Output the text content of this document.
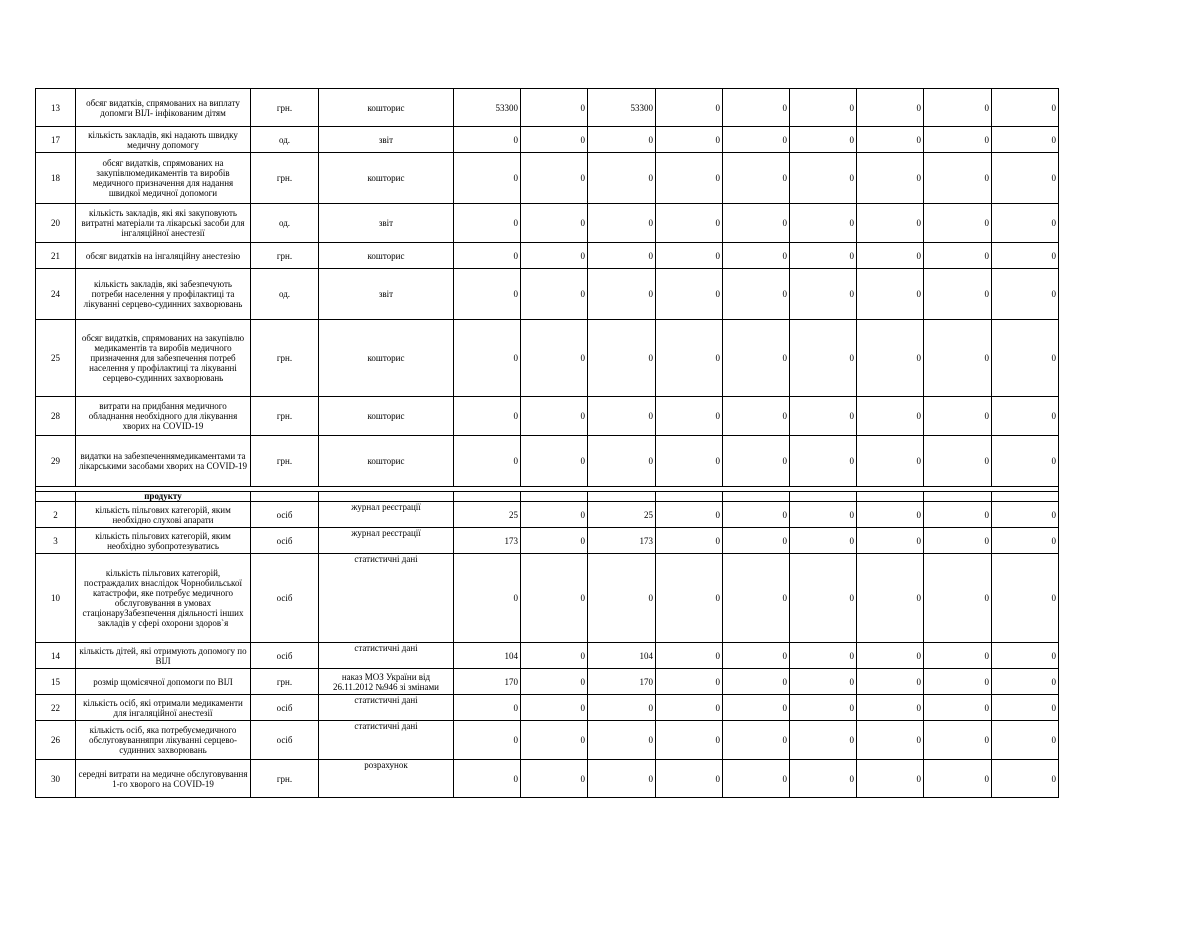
13	обсяг видатків, спрямованих на виплату допомги ВІЛ- інфікованим дітям	грн.	кошторис	53300	0	53300	0	0	0	0	0	0
17	кількість закладів, які надають швидку медичну допомогу	од.	звіт	0	0	0	0	0	0	0	0	0
18	обсяг видатків, спрямованих на закупівлюмедикаментів та виробів медичного призначення для надання швидкої медичної допомоги	грн.	кошторис	0	0	0	0	0	0	0	0	0
20	кількість закладів, які які закуповують витратні матеріали та лікарські засоби для інгаляційної анестезії	од.	звіт	0	0	0	0	0	0	0	0	0
21	обсяг видатків на інгаляційну анестезію	грн.	кошторис	0	0	0	0	0	0	0	0	0
24	кількість закладів, які забезпечують потреби населення у профілактиці та лікуванні серцево-судинних захворювань	од.	звіт	0	0	0	0	0	0	0	0	0
25	обсяг видатків, спрямованих на закупівлю медикаментів та виробів медичного призначення для забезпечення потреб населення у профілактиці та лікуванні серцево-судинних захворювань	грн.	кошторис	0	0	0	0	0	0	0	0	0
28	витрати на придбання медичного обладнання необхідного для лікування хворих на COVID-19	грн.	кошторис	0	0	0	0	0	0	0	0	0
29	видатки на забезпеченнямедикаментами та лікарськими засобами хворих на COVID-19	грн.	кошторис	0	0	0	0	0	0	0	0	0

	продукту											
2	кількість пільгових категорій, яким необхідно слухові апарати	осіб	журнал реєстрації	25	0	25	0	0	0	0	0	0
3	кількість пільгових категорій, яким необхідно зубопротезуватись	осіб	журнал реєстрації	173	0	173	0	0	0	0	0	0
10	кількість пільгових категорій, постраждалих внаслідок Чорнобильської катастрофи, яке потребує медичного обслуговування в умовах стаціонаруЗабезпечення діяльності інших закладів у сфері охорони здоров`я	осіб	статистичні дані	0	0	0	0	0	0	0	0	0
14	кількість дітей, які отримують допомогу по ВІЛ	осіб	статистичні дані	104	0	104	0	0	0	0	0	0
15	розмір щомісячної допомоги по ВІЛ	грн.	наказ МОЗ України від 26.11.2012 №946 зі змінами	170	0	170	0	0	0	0	0	0
22	кількість осіб, які отримали медикаменти для інгаляційної анестезії	осіб	статистичні дані	0	0	0	0	0	0	0	0	0
26	кількість осіб, яка потребуємедичного обслуговуванняпри лікуванні серцево-судинних захворювань	осіб	статистичні дані	0	0	0	0	0	0	0	0	0
30	середні витрати на медичне обслуговування 1-го хворого на COVID-19	грн.	розрахунок	0	0	0	0	0	0	0	0	0
